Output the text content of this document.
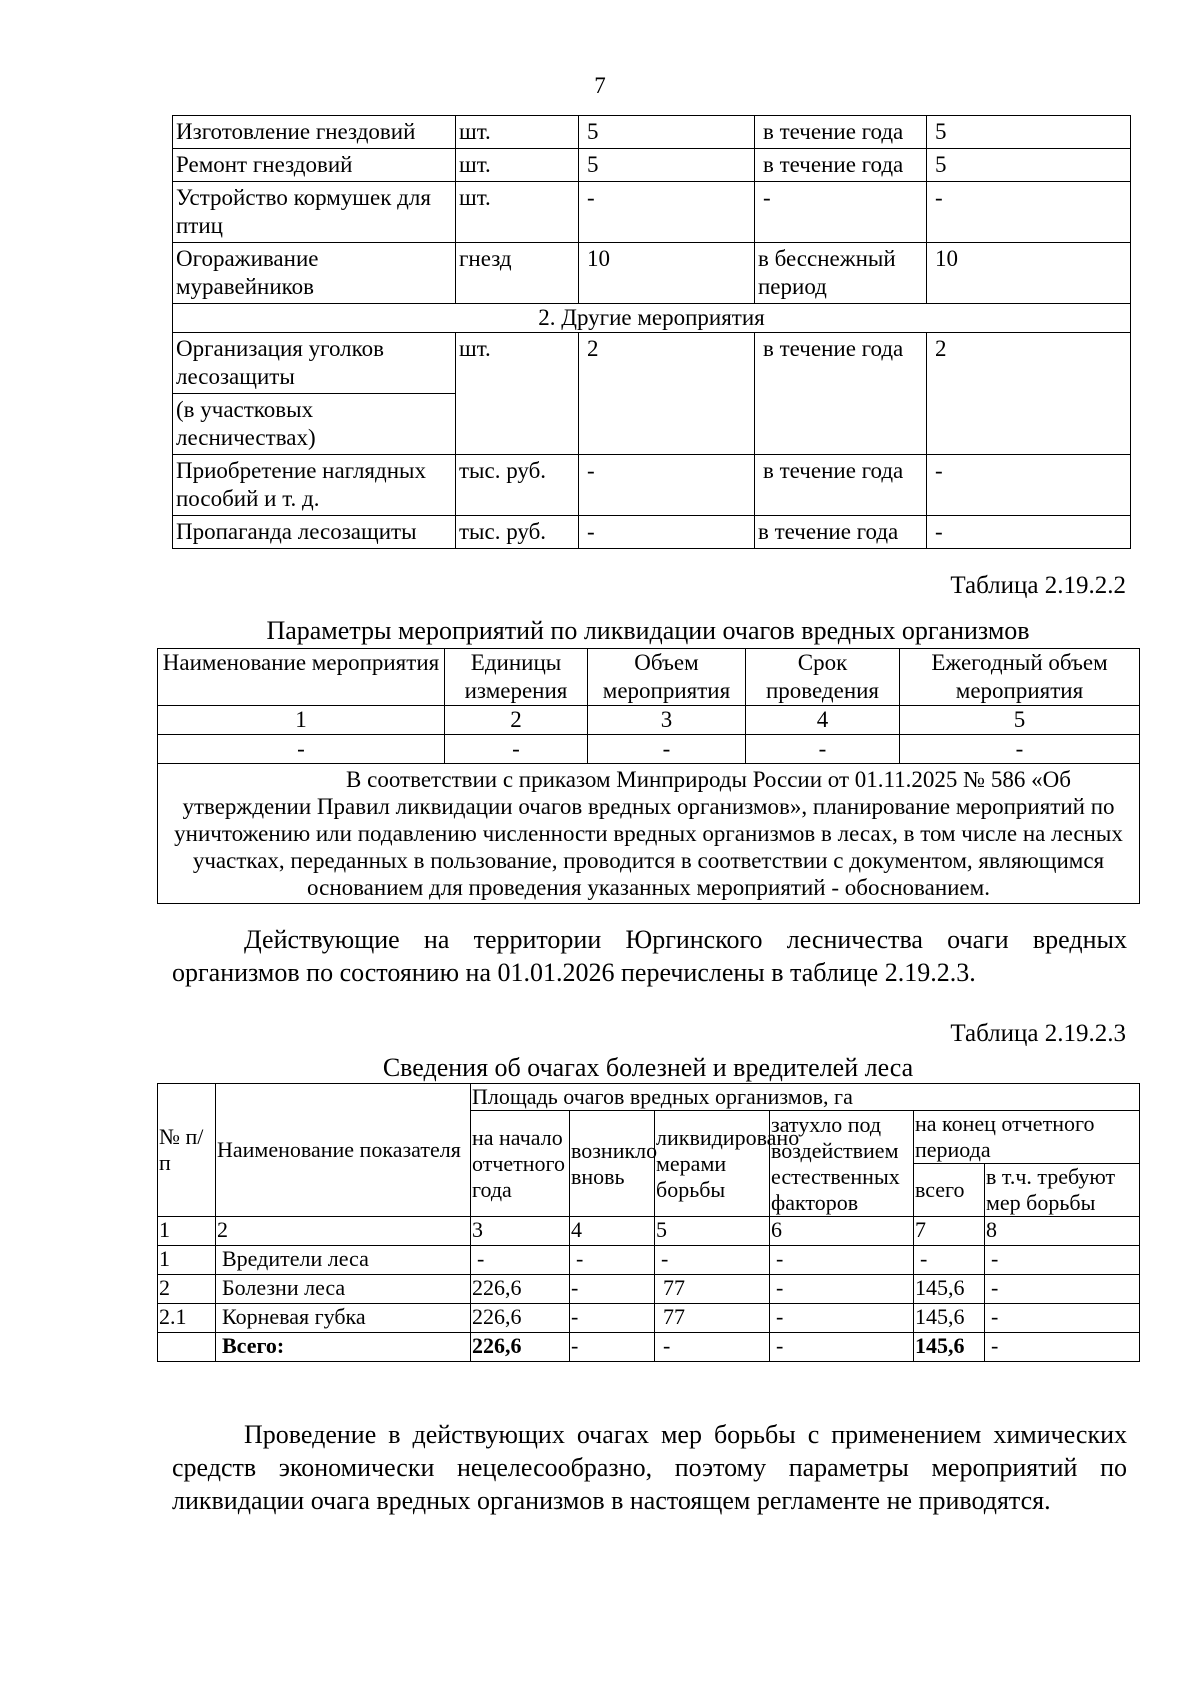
7
Изготовление гнездовий	шт.	5	в течение года	5
Ремонт гнездовий	шт.	5	в течение года	5
Устройство кормушек для птиц	шт.	-	-	-
Огораживание муравейников	гнезд	10	в бесснежный период	10
2. Другие мероприятия				
Организация уголков лесозащиты	шт.	2	в течение года	2
(в участковых лесничествах)				
Приобретение наглядных пособий и т. д.	тыс. руб.	-	в течение года	-
Пропаганда лесозащиты	тыс. руб.	-	в течение года	-
Таблица 2.19.2.2
Параметры мероприятий по ликвидации очагов вредных организмов
Наименование мероприятия	Единицы измерения	Объем мероприятия	Срок проведения	Ежегодный объем мероприятия
1	2	3	4	5
-	-	-	-	-
В соответствии с приказом Минприроды России от 01.11.2025 № 586 «Об утверждении Правил ликвидации очагов вредных организмов», планирование мероприятий по уничтожению или подавлению численности вредных организмов в лесах, в том числе на лесных участках, переданных в пользование, проводится в соответствии с документом, являющимся основанием для проведения указанных мероприятий - обоснованием.				
Действующие на территории Юргинского лесничества очаги вредных организмов по состоянию на 01.01.2026 перечислены в таблице 2.19.2.3.
Таблица 2.19.2.3
Сведения об очагах болезней и вредителей леса
№ п/п	Наименование показателя	Площадь очагов вредных организмов, га					
		на начало отчетного года	возникло вновь	ликвидировано мерами борьбы	затухло под воздействием естественных факторов	на конец отчетного периода	
						всего	в т.ч. требуют мер борьбы
1	2	3	4	5	6	7	8
1	Вредители леса	-	-	-	-	-	-
2	Болезни леса	226,6	-	77	-	145,6	-
2.1	Корневая губка	226,6	-	77	-	145,6	-
	Всего:	226,6	-	-	-	145,6	-
Проведение в действующих очагах мер борьбы с применением химических средств экономически нецелесообразно, поэтому параметры мероприятий по ликвидации очага вредных организмов в настоящем регламенте не приводятся.
